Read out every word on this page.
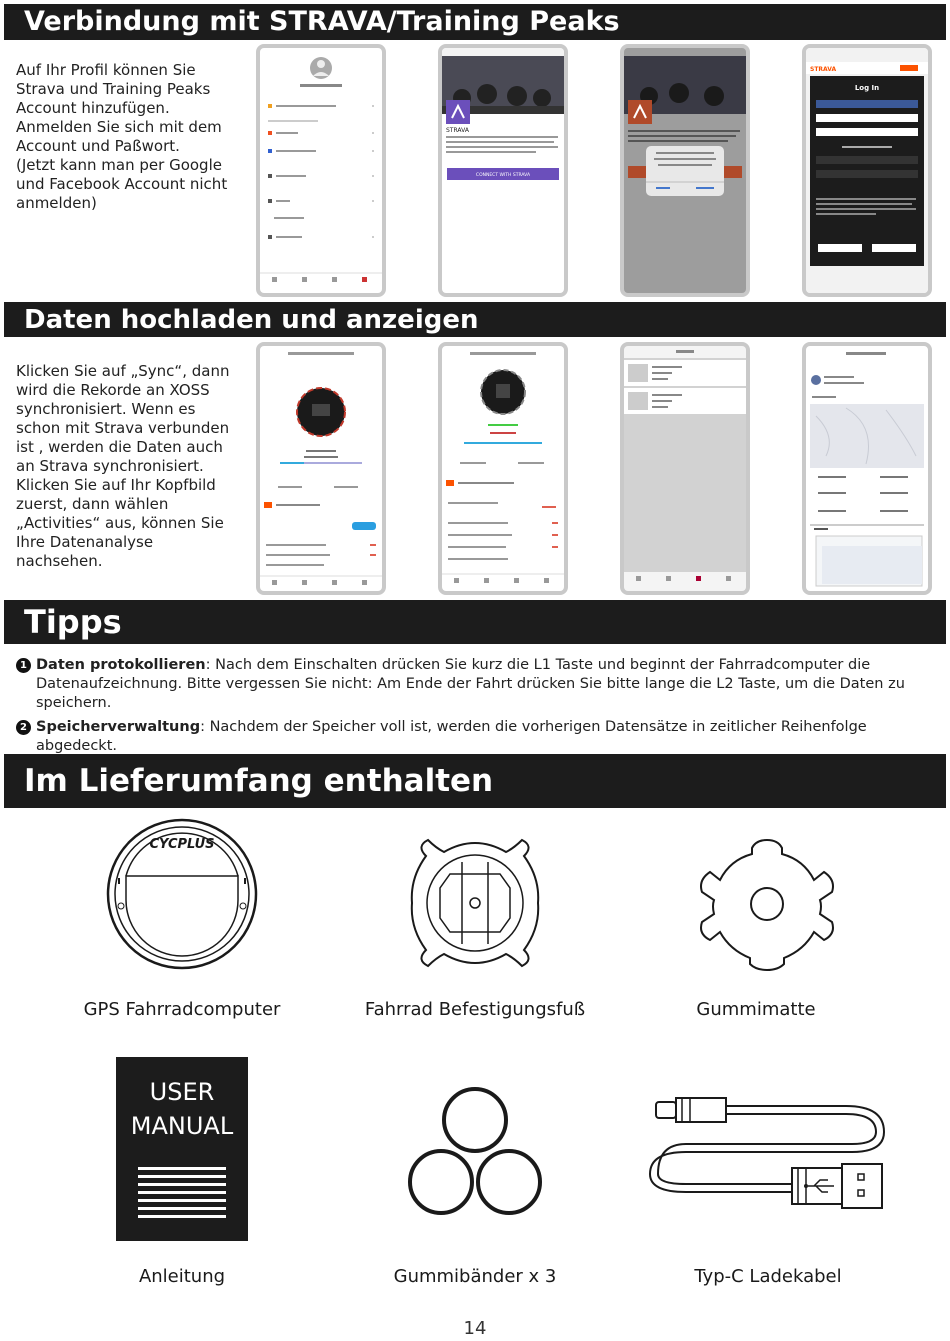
Verbindung mit STRAVA/Training Peaks

Auf Ihr Profil können Sie Strava und Training Peaks Account hinzufügen.

Anmelden Sie sich mit dem Account und Paßwort.

(Jetzt kann man per Google und Facebook Account nicht anmelden)

STRAVA
CONNECT WITH STRAVA
STRAVA
Log In
Daten hochladen und anzeigen

Klicken Sie auf „Sync“, dann wird die Rekorde an XOSS synchronisiert. Wenn es schon mit Strava verbunden ist , werden die Daten auch an Strava synchronisiert.

Klicken Sie auf Ihr Kopfbild zuerst, dann wählen „Activities“ aus, können Sie Ihre Datenanalyse nachsehen.

Tipps
1 Daten protokollieren: Nach dem Einschalten drücken Sie kurz die L1 Taste und beginnt der Fahrradcomputer die Datenaufzeichnung. Bitte vergessen Sie nicht: Am Ende der Fahrt drücken Sie bitte lange die L2 Taste, um die Daten zu speichern.
2 Speicherverwaltung: Nachdem der Speicher voll ist, werden die vorherigen Datensätze in zeitlicher Reihenfolge abgedeckt.
Im Lieferumfang enthalten
CYCPLUS
GPS Fahrradcomputer	Fahrrad Befestigungsfuß	Gummimatte
USER
MANUAL
Anleitung	Gummibänder x 3	Typ-C Ladekabel
14
